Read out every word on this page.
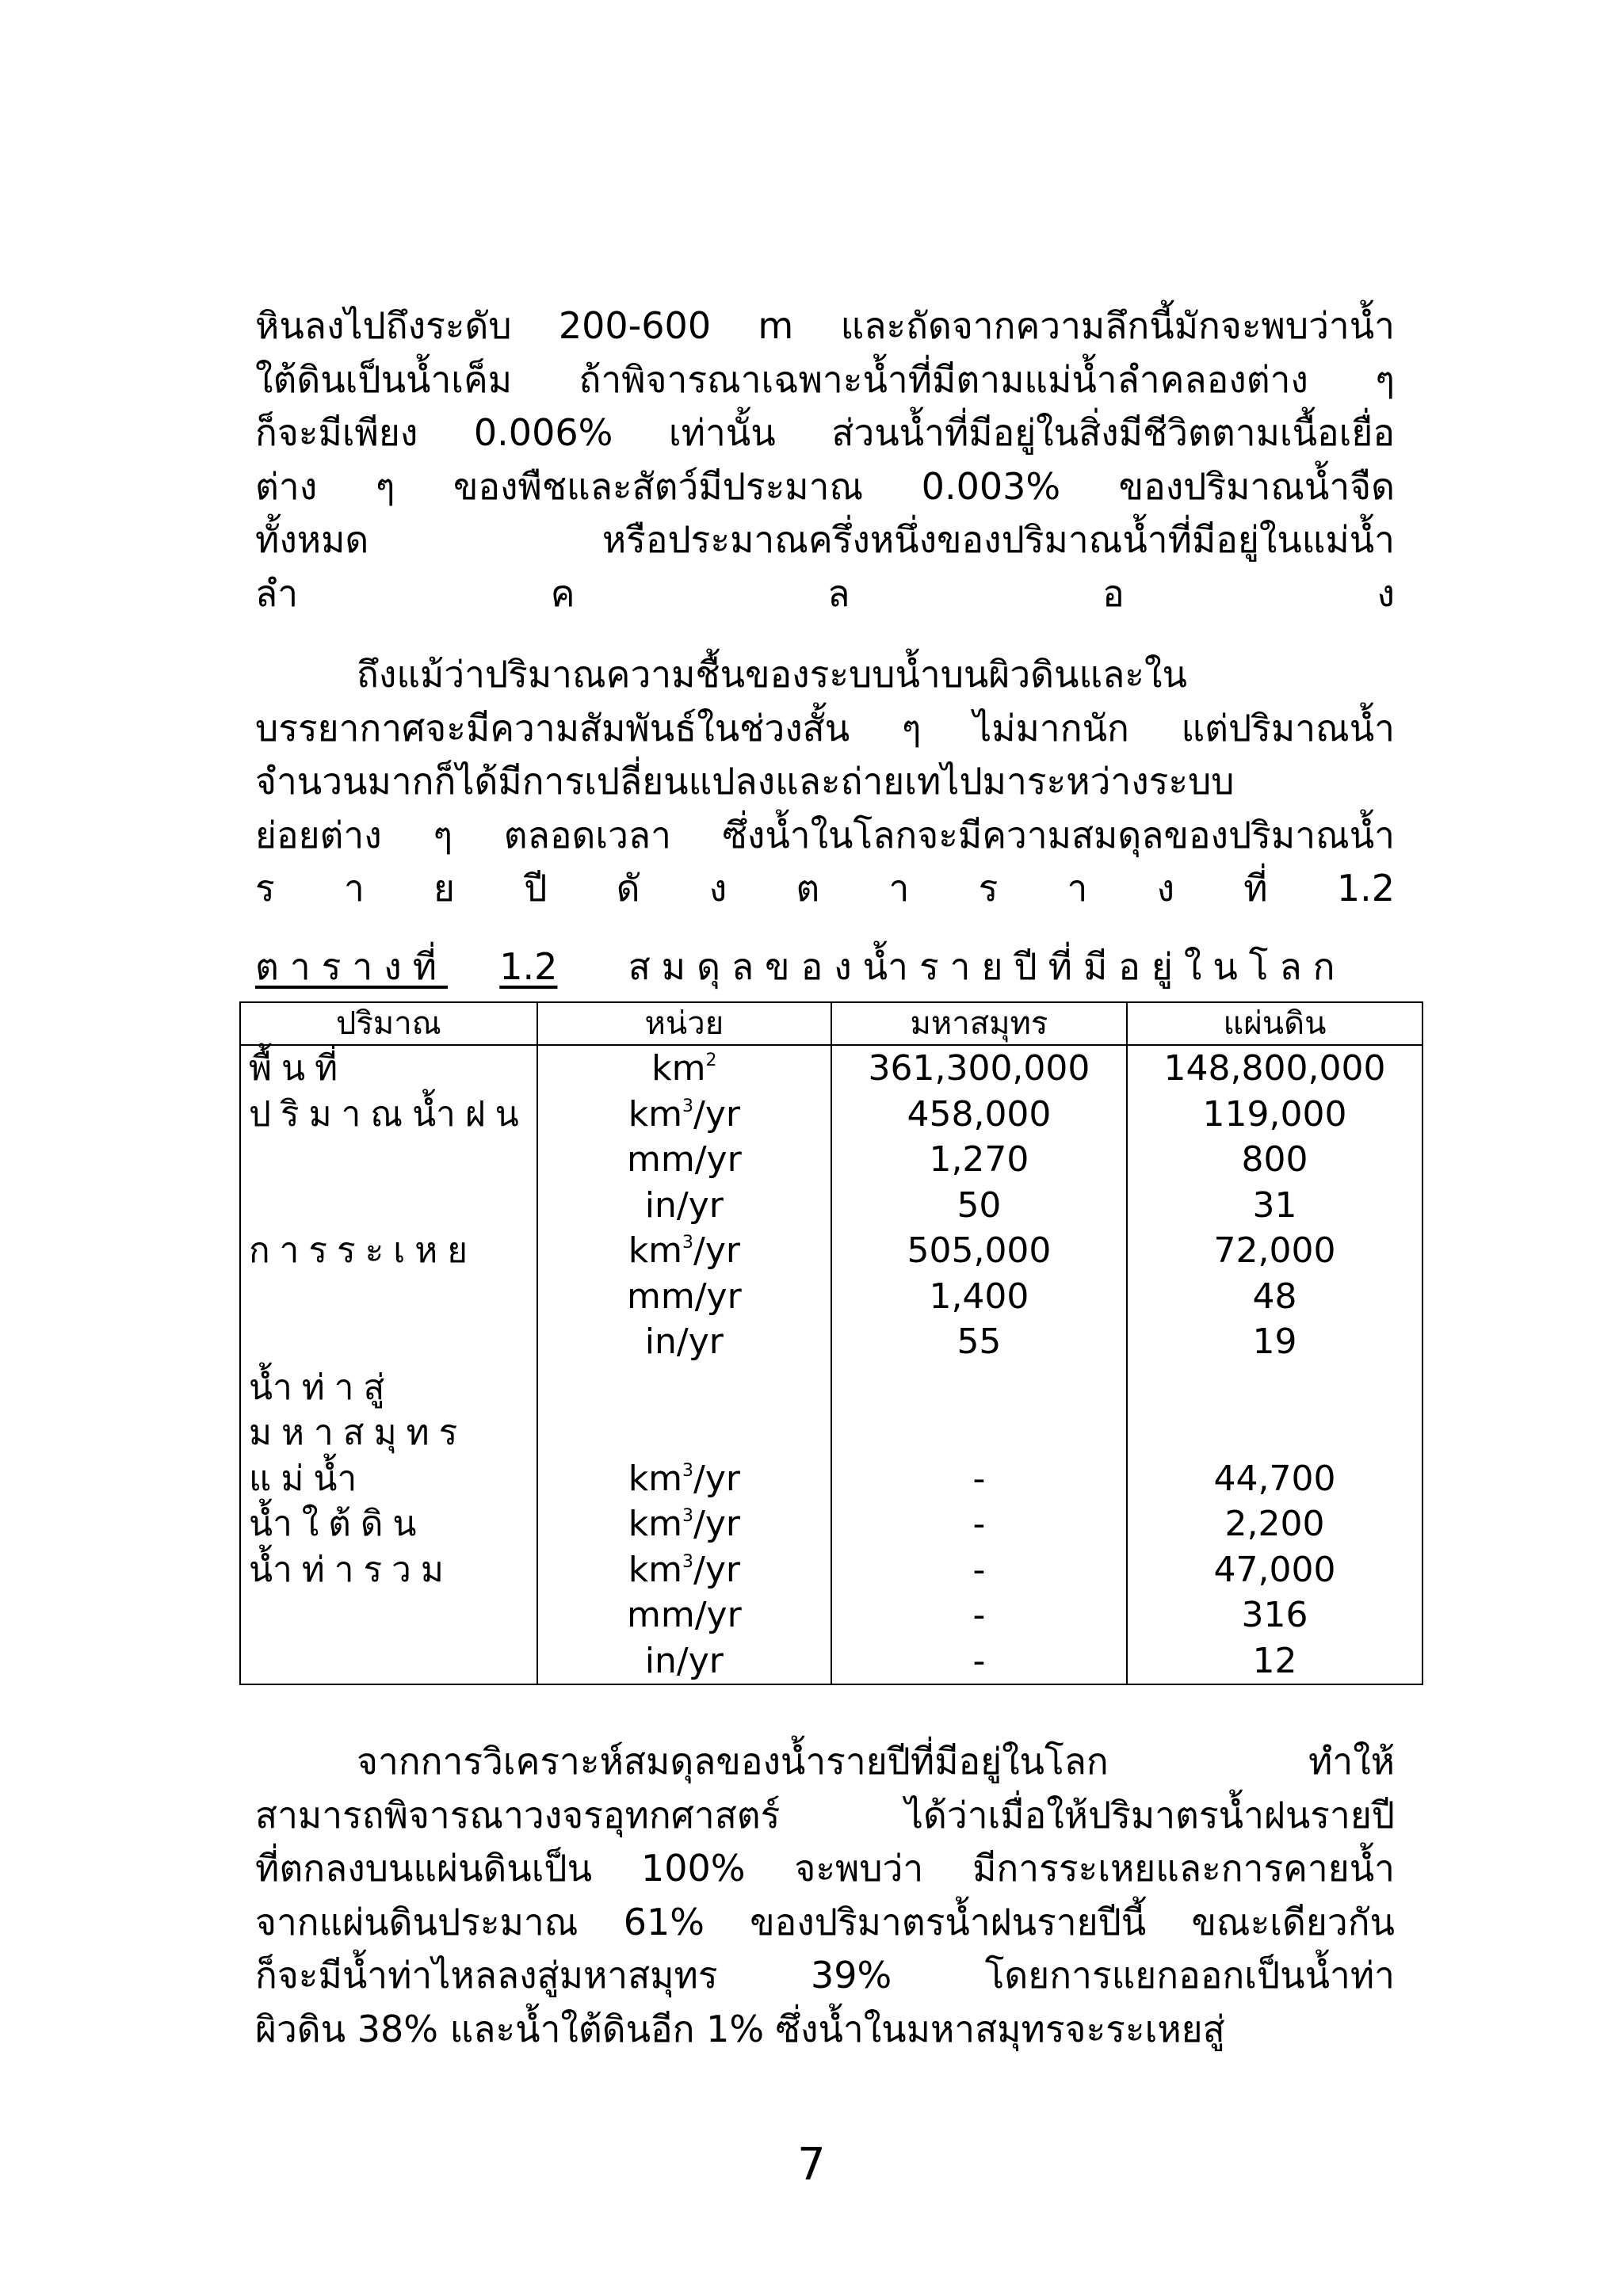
หินลงไปถึงระดับ 200-600 m และถัดจากความลึกนี้มักจะพบว่าน้ำ
ใต้ดินเป็นน้ำเค็ม ถ้าพิจารณาเฉพาะน้ำที่มีตามแม่น้ำลำคลองต่าง ๆ
ก็จะมีเพียง 0.006% เท่านั้น ส่วนน้ำที่มีอยู่ในสิ่งมีชีวิตตามเนื้อเยื่อ
ต่าง ๆ ของพืชและสัตว์มีประมาณ 0.003% ของปริมาณน้ำจืด
ทั้งหมด หรือประมาณครึ่งหนึ่งของปริมาณน้ำที่มีอยู่ในแม่น้ำ
ลำ ค ล อ ง
ถึงแม้ว่าปริมาณความชื้นของระบบน้ำบนผิวดินและใน
บรรยากาศจะมีความสัมพันธ์ในช่วงสั้น ๆ ไม่มากนัก แต่ปริมาณน้ำ
จำนวนมากก็ได้มีการเปลี่ยนแปลงและถ่ายเทไปมาระหว่างระบบ
ย่อยต่าง ๆ ตลอดเวลา ซึ่งน้ำในโลกจะมีความสมดุลของปริมาณน้ำ
ร า ย ปี ดั ง ต า ร า ง ที่ 1.2
ตารางที่ 1.2 สมดุลของน้ำรายปีที่มีอยู่ในโลก
ปริมาณ	หน่วย	มหาสมุทร	แผ่นดิน
พื้นที่	$km^2$	361,300,000	148,800,000
ปริมาณน้ำฝน	$km^3/yr$	458,000	119,000
	mm/yr	1,270	800
	in/yr	50	31
การระเหย	$km^3/yr$	505,000	72,000
	mm/yr	1,400	48
	in/yr	55	19
น้ำท่าสู่			
มหาสมุทร			
แม่น้ำ	$km^3/yr$	-	44,700
น้ำใต้ดิน	$km^3/yr$	-	2,200
น้ำท่ารวม	$km^3/yr$	-	47,000
	mm/yr	-	316
	in/yr	-	12
จากการวิเคราะห์สมดุลของน้ำรายปีที่มีอยู่ในโลก ทำให้
สามารถพิจารณาวงจรอุทกศาสตร์ ได้ว่าเมื่อให้ปริมาตรน้ำฝนรายปี
ที่ตกลงบนแผ่นดินเป็น 100% จะพบว่า มีการระเหยและการคายน้ำ
จากแผ่นดินประมาณ 61% ของปริมาตรน้ำฝนรายปีนี้ ขณะเดียวกัน
ก็จะมีน้ำท่าไหลลงสู่มหาสมุทร 39% โดยการแยกออกเป็นน้ำท่า
ผิวดิน 38% และน้ำใต้ดินอีก 1% ซึ่งน้ำในมหาสมุทรจะระเหยสู่
7
